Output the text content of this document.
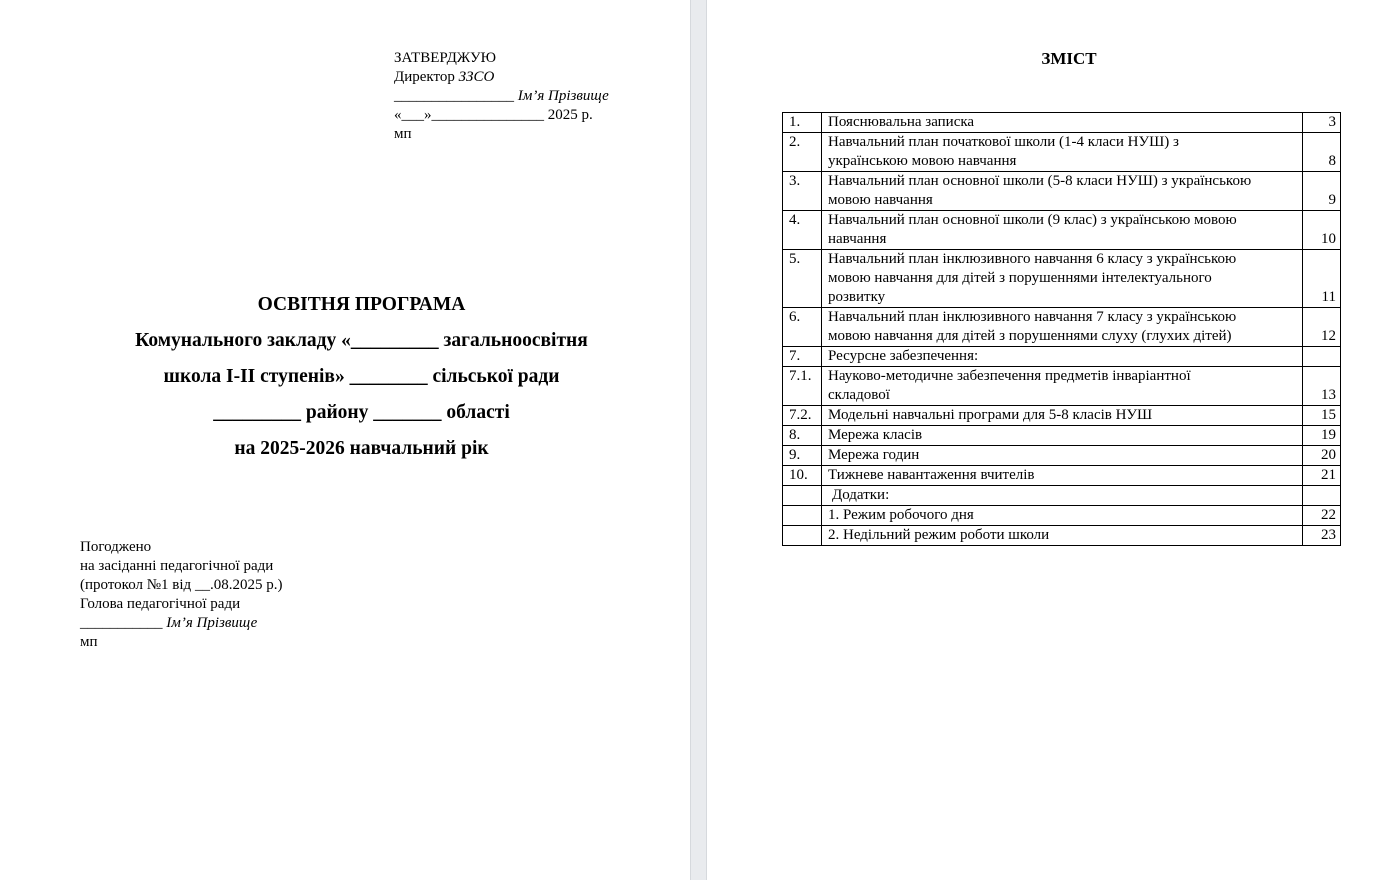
ЗАТВЕРДЖУЮ
Директор ЗЗСО
________________ Ім’я Прізвище
«___»_______________ 2025 р.
мп
ОСВІТНЯ ПРОГРАМА
Комунального закладу «_________ загальноосвітня
школа І-ІІ ступенів» ________ сільської ради
_________ району _______ області
на 2025-2026 навчальний рік
Погоджено
на засіданні педагогічної ради
(протокол №1 від __.08.2025 р.)
Голова педагогічної ради
___________ Ім’я Прізвище
мп
ЗМІСТ
1.	Пояснювальна записка	3
2.	Навчальний план початкової школи (1-4 класи НУШ) з
українською мовою навчання	8
3.	Навчальний план основної школи (5-8 класи НУШ) з українською
мовою навчання	9
4.	Навчальний план основної школи (9 клас) з українською мовою
навчання	10
5.	Навчальний план інклюзивного навчання 6 класу з українською
мовою навчання для дітей з порушеннями інтелектуального
розвитку	11
6.	Навчальний план інклюзивного навчання 7 класу з українською
мовою навчання для дітей з порушеннями слуху (глухих дітей)	12
7.	Ресурсне забезпечення:	

7.1.	Науково-методичне забезпечення предметів інваріантної
складової	13
7.2.	Модельні навчальні програми для 5-8 класів НУШ	15
8.	Мережа класів	19
9.	Мережа годин	20
10.	Тижневе навантаження вчителів	21
	Додатки:	
	1. Режим робочого дня	22
	2. Недільний режим роботи школи	23
